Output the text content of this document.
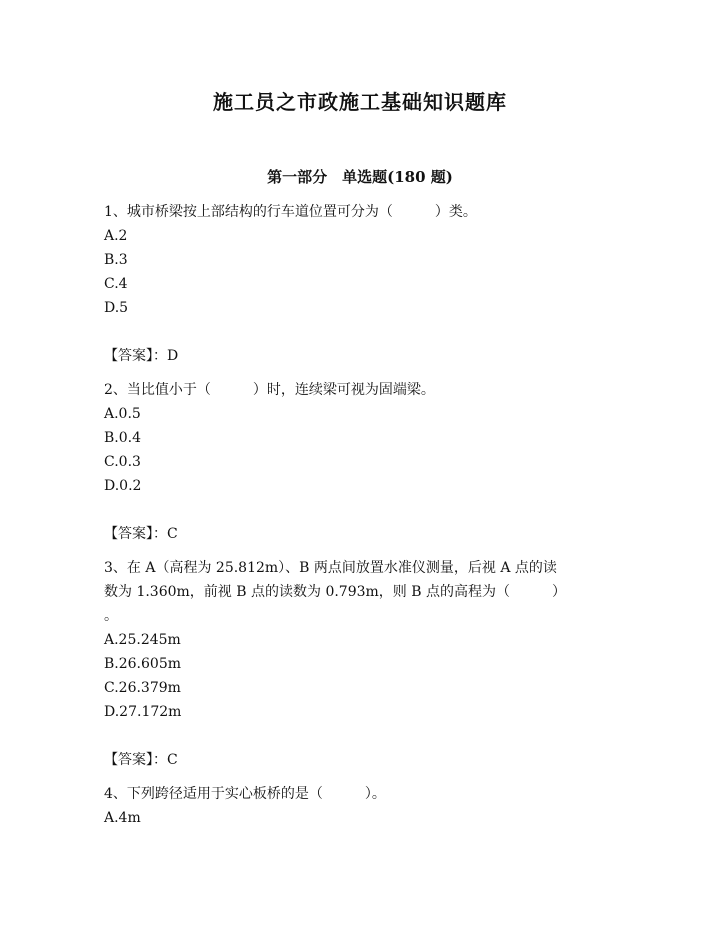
施工员之市政施工基础知识题库
第一部分　单选题(180 题)
1、城市桥梁按上部结构的行车道位置可分为（　　　）类。
A.2
B.3
C.4
D.5
【答案】：D
2、当比值小于（　　　）时，连续梁可视为固端梁。
A.0.5
B.0.4
C.0.3
D.0.2
【答案】：C
3、在 A（高程为 25.812m）、B 两点间放置水准仪测量，后视 A 点的读
数为 1.360m，前视 B 点的读数为 0.793m，则 B 点的高程为（　　　）
。
A.25.245m
B.26.605m
C.26.379m
D.27.172m
【答案】：C
4、下列跨径适用于实心板桥的是（　　　）。
A.4m
